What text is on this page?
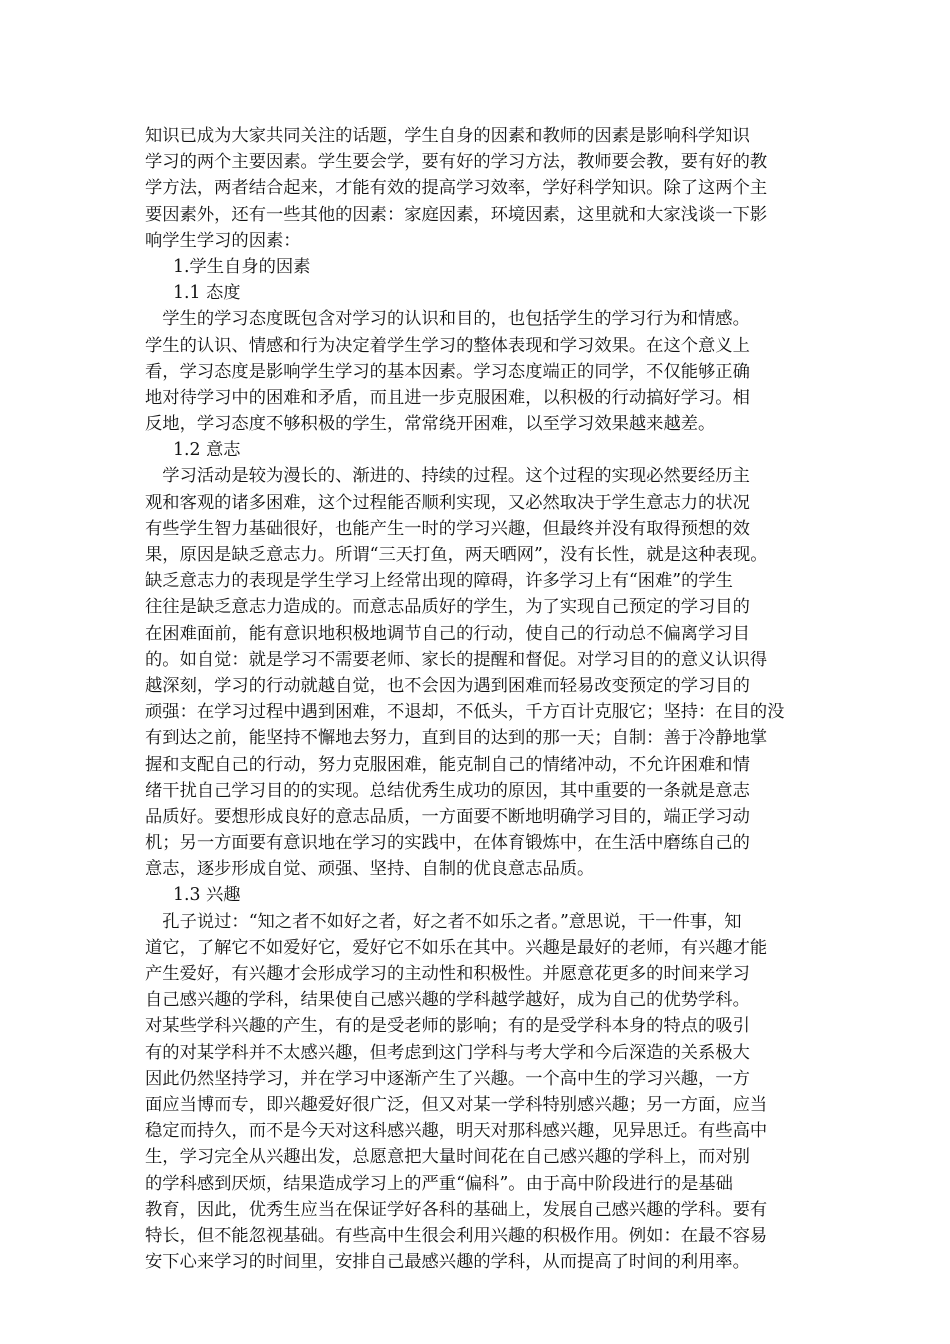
知识已成为大家共同关注的话题，学生自身的因素和教师的因素是影响科学知识
学习的两个主要因素。学生要会学，要有好的学习方法，教师要会教，要有好的教
学方法，两者结合起来，才能有效的提高学习效率，学好科学知识。除了这两个主
要因素外，还有一些其他的因素：家庭因素，环境因素，这里就和大家浅谈一下影
响学生学习的因素：
1.学生自身的因素
1.1 态度
　学生的学习态度既包含对学习的认识和目的，也包括学生的学习行为和情感。
学生的认识、情感和行为决定着学生学习的整体表现和学习效果。在这个意义上
看，学习态度是影响学生学习的基本因素。学习态度端正的同学，不仅能够正确
地对待学习中的困难和矛盾，而且进一步克服困难，以积极的行动搞好学习。相
反地，学习态度不够积极的学生，常常绕开困难，以至学习效果越来越差。
1.2 意志
　学习活动是较为漫长的、渐进的、持续的过程。这个过程的实现必然要经历主
观和客观的诸多困难，这个过程能否顺利实现，又必然取决于学生意志力的状况
有些学生智力基础很好，也能产生一时的学习兴趣，但最终并没有取得预想的效
果，原因是缺乏意志力。所谓“三天打鱼，两天晒网”，没有长性，就是这种表现。
缺乏意志力的表现是学生学习上经常出现的障碍，许多学习上有“困难”的学生
往往是缺乏意志力造成的。而意志品质好的学生，为了实现自己预定的学习目的
在困难面前，能有意识地积极地调节自己的行动，使自己的行动总不偏离学习目
的。如自觉：就是学习不需要老师、家长的提醒和督促。对学习目的的意义认识得
越深刻，学习的行动就越自觉，也不会因为遇到困难而轻易改变预定的学习目的
顽强：在学习过程中遇到困难，不退却，不低头，千方百计克服它；坚持：在目的没
有到达之前，能坚持不懈地去努力，直到目的达到的那一天；自制：善于冷静地掌
握和支配自己的行动，努力克服困难，能克制自己的情绪冲动，不允许困难和情
绪干扰自己学习目的的实现。总结优秀生成功的原因，其中重要的一条就是意志
品质好。要想形成良好的意志品质，一方面要不断地明确学习目的，端正学习动
机；另一方面要有意识地在学习的实践中，在体育锻炼中，在生活中磨练自己的
意志，逐步形成自觉、顽强、坚持、自制的优良意志品质。
1.3 兴趣
　孔子说过：“知之者不如好之者，好之者不如乐之者。”意思说，干一件事，知
道它，了解它不如爱好它，爱好它不如乐在其中。兴趣是最好的老师，有兴趣才能
产生爱好，有兴趣才会形成学习的主动性和积极性。并愿意花更多的时间来学习
自己感兴趣的学科，结果使自己感兴趣的学科越学越好，成为自己的优势学科。
对某些学科兴趣的产生，有的是受老师的影响；有的是受学科本身的特点的吸引
有的对某学科并不太感兴趣，但考虑到这门学科与考大学和今后深造的关系极大
因此仍然坚持学习，并在学习中逐渐产生了兴趣。一个高中生的学习兴趣，一方
面应当博而专，即兴趣爱好很广泛，但又对某一学科特别感兴趣；另一方面，应当
稳定而持久，而不是今天对这科感兴趣，明天对那科感兴趣，见异思迁。有些高中
生，学习完全从兴趣出发，总愿意把大量时间花在自己感兴趣的学科上，而对别
的学科感到厌烦，结果造成学习上的严重“偏科”。由于高中阶段进行的是基础
教育，因此，优秀生应当在保证学好各科的基础上，发展自己感兴趣的学科。要有
特长，但不能忽视基础。有些高中生很会利用兴趣的积极作用。例如：在最不容易
安下心来学习的时间里，安排自己最感兴趣的学科，从而提高了时间的利用率。
